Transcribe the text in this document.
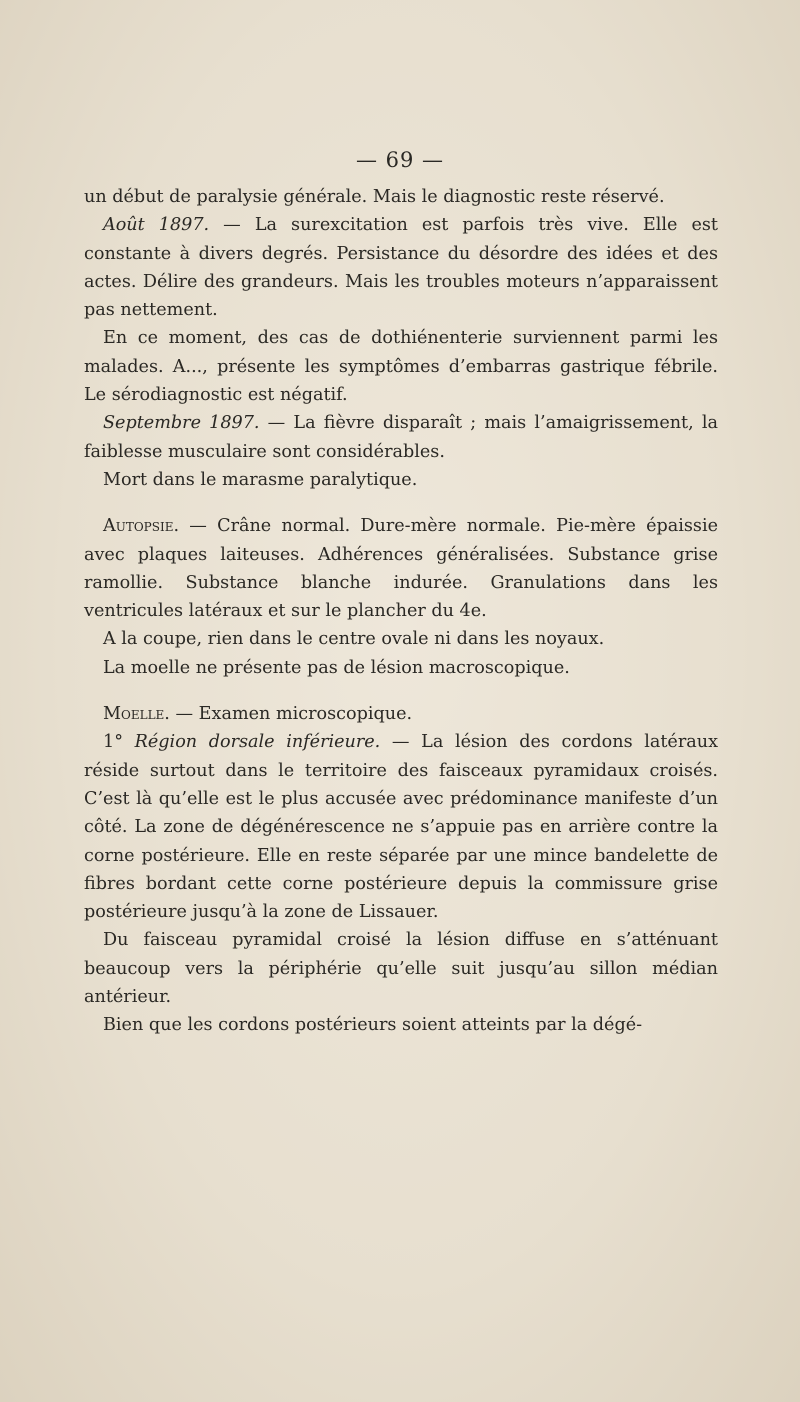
— 69 —

un début de paralysie générale. Mais le diagnostic reste réservé.

Août 1897. — La surexcitation est parfois très vive. Elle est constante à divers degrés. Persistance du désordre des idées et des actes. Délire des grandeurs. Mais les troubles moteurs n’apparaissent pas nettement.

En ce moment, des cas de dothiénenterie surviennent parmi les malades. A..., présente les symptômes d’embarras gastrique fébrile. Le sérodiagnostic est négatif.

Septembre 1897. — La fièvre disparaît ; mais l’amaigrissement, la faiblesse musculaire sont considérables.

Mort dans le marasme paralytique.

Autopsie. — Crâne normal. Dure-mère normale. Pie-mère épaissie avec plaques laiteuses. Adhérences généralisées. Substance grise ramollie. Substance blanche indurée. Granulations dans les ventricules latéraux et sur le plancher du 4e.

A la coupe, rien dans le centre ovale ni dans les noyaux.

La moelle ne présente pas de lésion macroscopique.

Moelle. — Examen microscopique.

1° Région dorsale inférieure. — La lésion des cordons latéraux réside surtout dans le territoire des faisceaux pyramidaux croisés. C’est là qu’elle est le plus accusée avec prédominance manifeste d’un côté. La zone de dégénérescence ne s’appuie pas en arrière contre la corne postérieure. Elle en reste séparée par une mince bandelette de fibres bordant cette corne postérieure depuis la commissure grise postérieure jusqu’à la zone de Lissauer.

Du faisceau pyramidal croisé la lésion diffuse en s’atténuant beaucoup vers la périphérie qu’elle suit jusqu’au sillon médian antérieur.

Bien que les cordons postérieurs soient atteints par la dégé-
